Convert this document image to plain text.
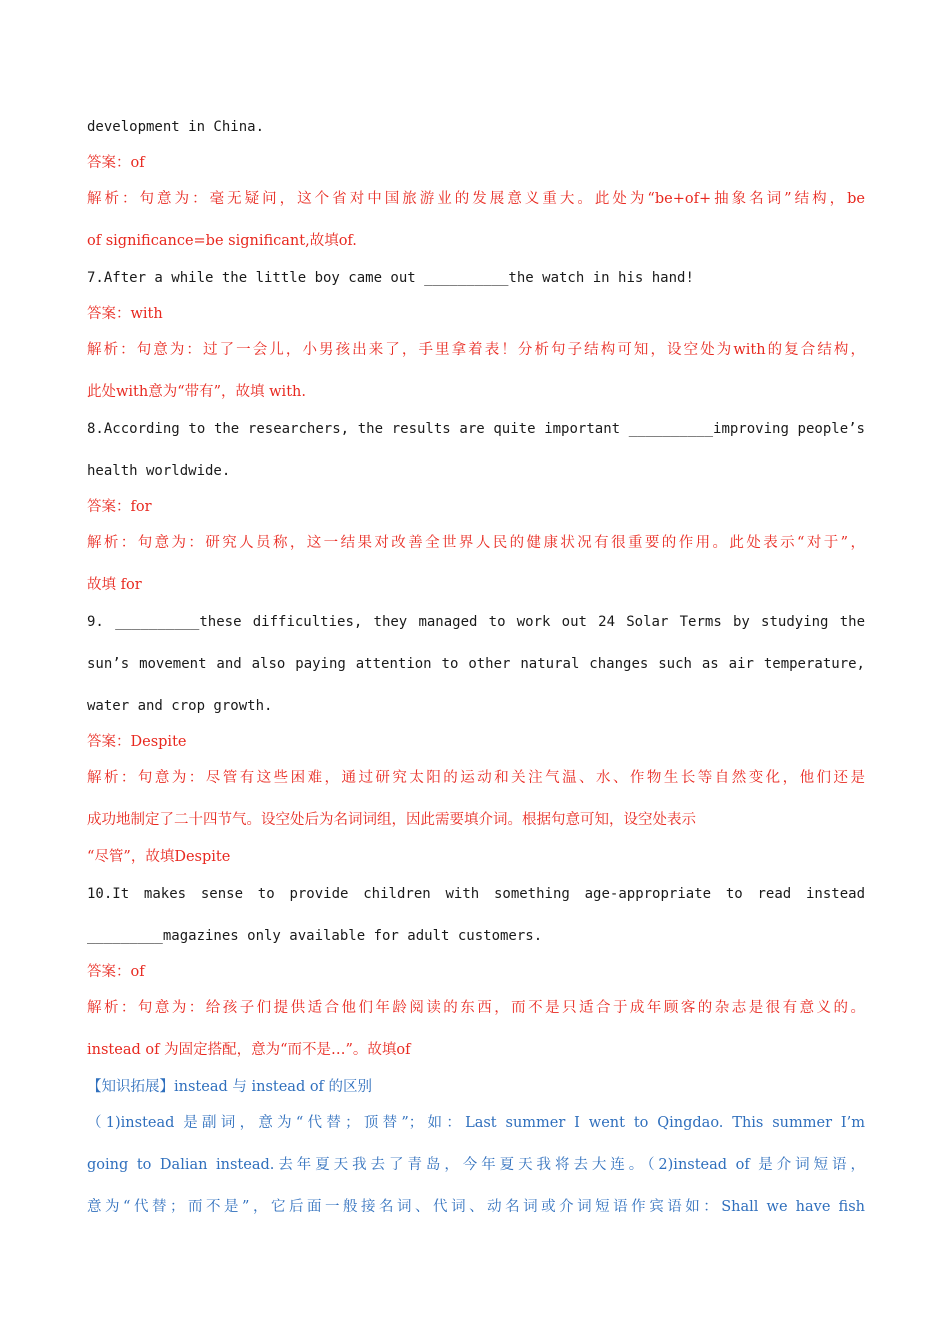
development in China.
答案：of
解析：句意为：毫无疑问，这个省对中国旅游业的发展意义重大。此处为“be+of+抽象名词”结构，be
of significance=be significant,故填of.
7.After a while the little boy came out __________the watch in his hand!
答案：with
解析：句意为：过了一会儿，小男孩出来了，手里拿着表！分析句子结构可知，设空处为with的复合结构，
此处with意为“带有”，故填 with.
8.According to the researchers, the results are quite important __________improving people’s
health worldwide.
答案：for
解析：句意为：研究人员称，这一结果对改善全世界人民的健康状况有很重要的作用。此处表示“对于”，
故填 for
9. __________these difficulties, they managed to work out 24 Solar Terms by studying the
sun’s movement and also paying attention to other natural changes such as air temperature,
water and crop growth.
答案：Despite
解析：句意为：尽管有这些困难，通过研究太阳的运动和关注气温、水、作物生长等自然变化，他们还是
成功地制定了二十四节气。设空处后为名词词组，因此需要填介词。根据句意可知，设空处表示
“尽管”，故填Despite
10.It makes sense to provide children with something age-appropriate to read instead
_________magazines only available for adult customers.
答案：of
解析：句意为：给孩子们提供适合他们年龄阅读的东西，而不是只适合于成年顾客的杂志是很有意义的。
instead of 为固定搭配，意为“而不是…”。故填of
【知识拓展】instead 与 instead of 的区别
（1)instead 是副词，意为“代替；顶替”；如：Last summer I went to Qingdao. This summer I’m
going to Dalian instead.去年夏天我去了青岛，今年夏天我将去大连。（2)instead of 是介词短语，
意为“代替；而不是”，它后面一般接名词、代词、动名词或介词短语作宾语如：Shall we have fish
